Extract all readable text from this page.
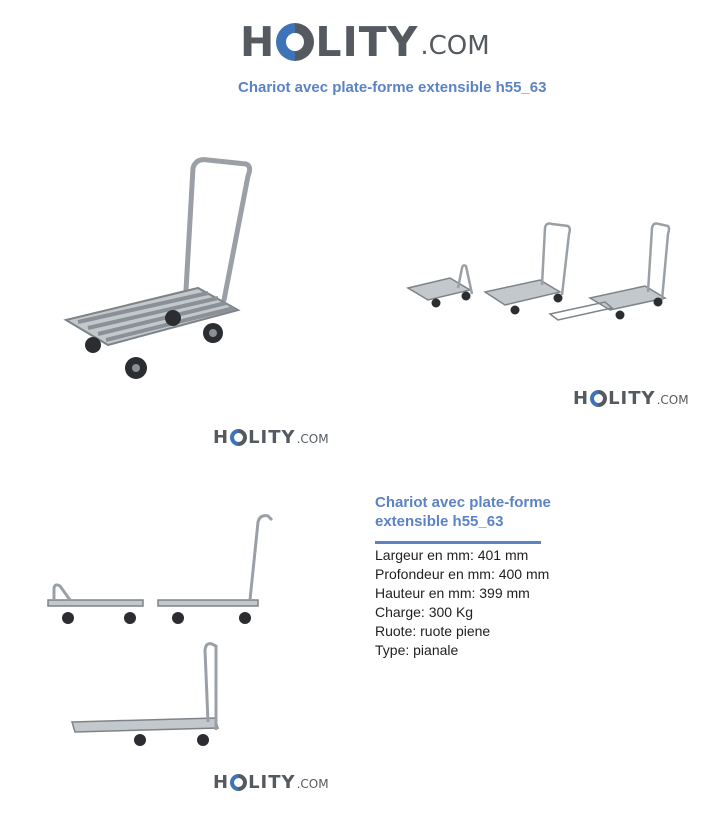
H LITY .COM
Chariot avec plate-forme extensible h55_63
H LITY .COM
H LITY .COM
H LITY .COM
Chariot avec plate-forme extensible h55_63
Largeur en mm: 401 mm
Profondeur en mm: 400 mm
Hauteur en mm: 399 mm
Charge: 300 Kg
Ruote: ruote piene
Type: pianale
